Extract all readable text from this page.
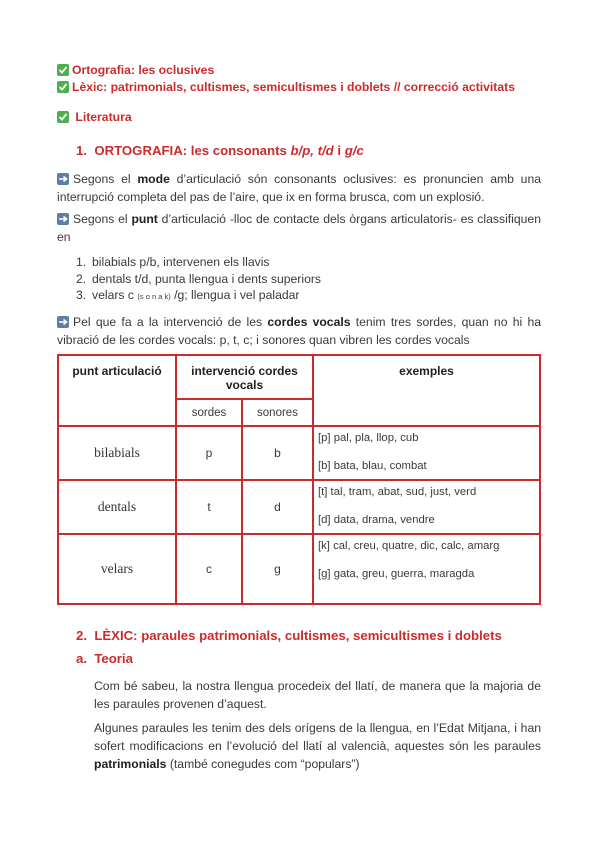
Ortografia: les oclusives
Lèxic: patrimonials, cultismes, semicultismes i doblets // correcció activitats
Literatura
1. ORTOGRAFIA: les consonants b/p, t/d i g/c
Segons el mode d’articulació són consonants oclusives: es pronuncien amb una interrupció completa del pas de l’aire, que ix en forma brusca, com un explosió.
Segons el punt d’articulació -lloc de contacte dels òrgans articulatoris- es classifiquen en
1. bilabials p/b, intervenen els llavis
2. dentals t/d, punta llengua i dents superiors
3. velars c (s o n a k) /g; llengua i vel paladar
Pel que fa a la intervenció de les cordes vocals tenim tres sordes, quan no hi ha vibració de les cordes vocals: p, t, c; i sonores quan vibren les cordes vocals
punt articulació	intervenció cordes vocals		exemples
	sordes	sonores	
bilabials	p	b	[p] pal, pla, llop, cub
[b] bata, blau, combat

dentals	t	d	[t] tal, tram, abat, sud, just, verd
[d] data, drama, vendre

velars	c	g	[k] cal, creu, quatre, dic, calc, amarg
[g] gata, greu, guerra, maragda
2. LÈXIC: paraules patrimonials, cultismes, semicultismes i doblets
a. Teoria
Com bé sabeu, la nostra llengua procedeix del llatí, de manera que la majoria de les paraules provenen d’aquest.
Algunes paraules les tenim des dels orígens de la llengua, en l’Edat Mitjana, i han sofert modificacions en l’evolució del llatí al valencià, aquestes són les paraules patrimonials (també conegudes com “populars”)
